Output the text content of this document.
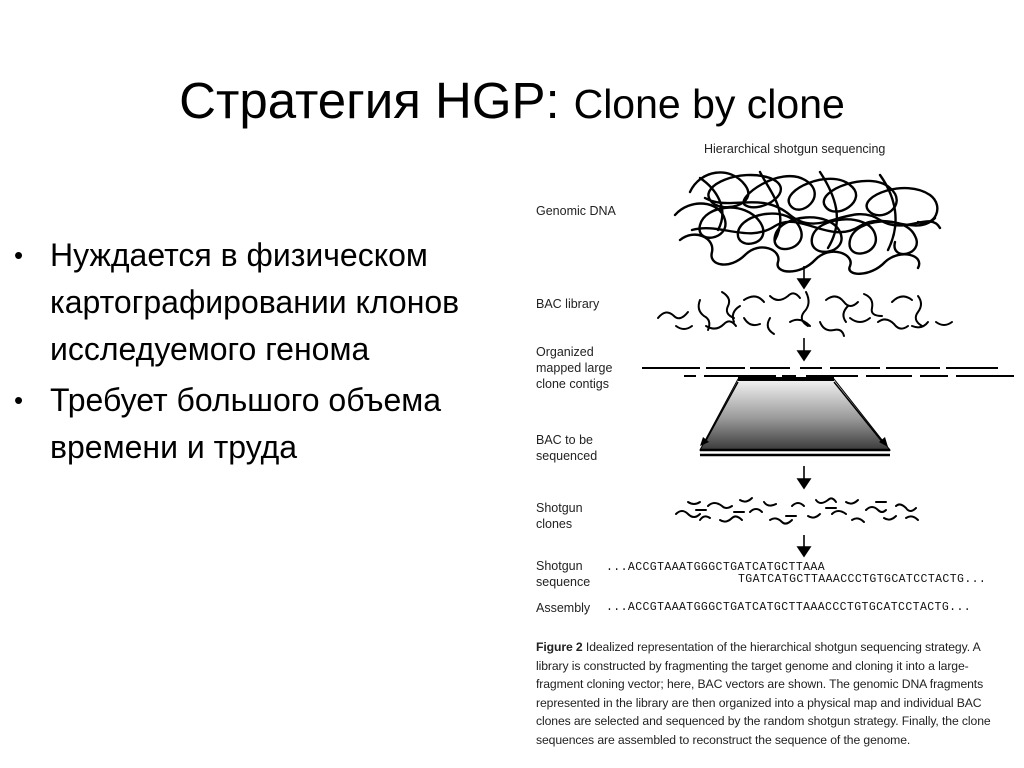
Стратегия HGP: Clone by clone
• Нуждается в физическом картографировании клонов исследуемого генома
• Требует большого объема времени и труда
Hierarchical shotgun sequencing
Genomic DNA
BAC library
Organized
mapped large
clone contigs
BAC to be
sequenced
Shotgun
clones
Shotgun
sequence
Assembly
...ACCGTAAATGGGCTGATCATGCTTAAA
TGATCATGCTTAAACCCTGTGCATCCTACTG...
...ACCGTAAATGGGCTGATCATGCTTAAACCCTGTGCATCCTACTG...
Figure 2 Idealized representation of the hierarchical shotgun sequencing strategy. A library is constructed by fragmenting the target genome and cloning it into a large-fragment cloning vector; here, BAC vectors are shown. The genomic DNA fragments represented in the library are then organized into a physical map and individual BAC clones are selected and sequenced by the random shotgun strategy. Finally, the clone sequences are assembled to reconstruct the sequence of the genome.
